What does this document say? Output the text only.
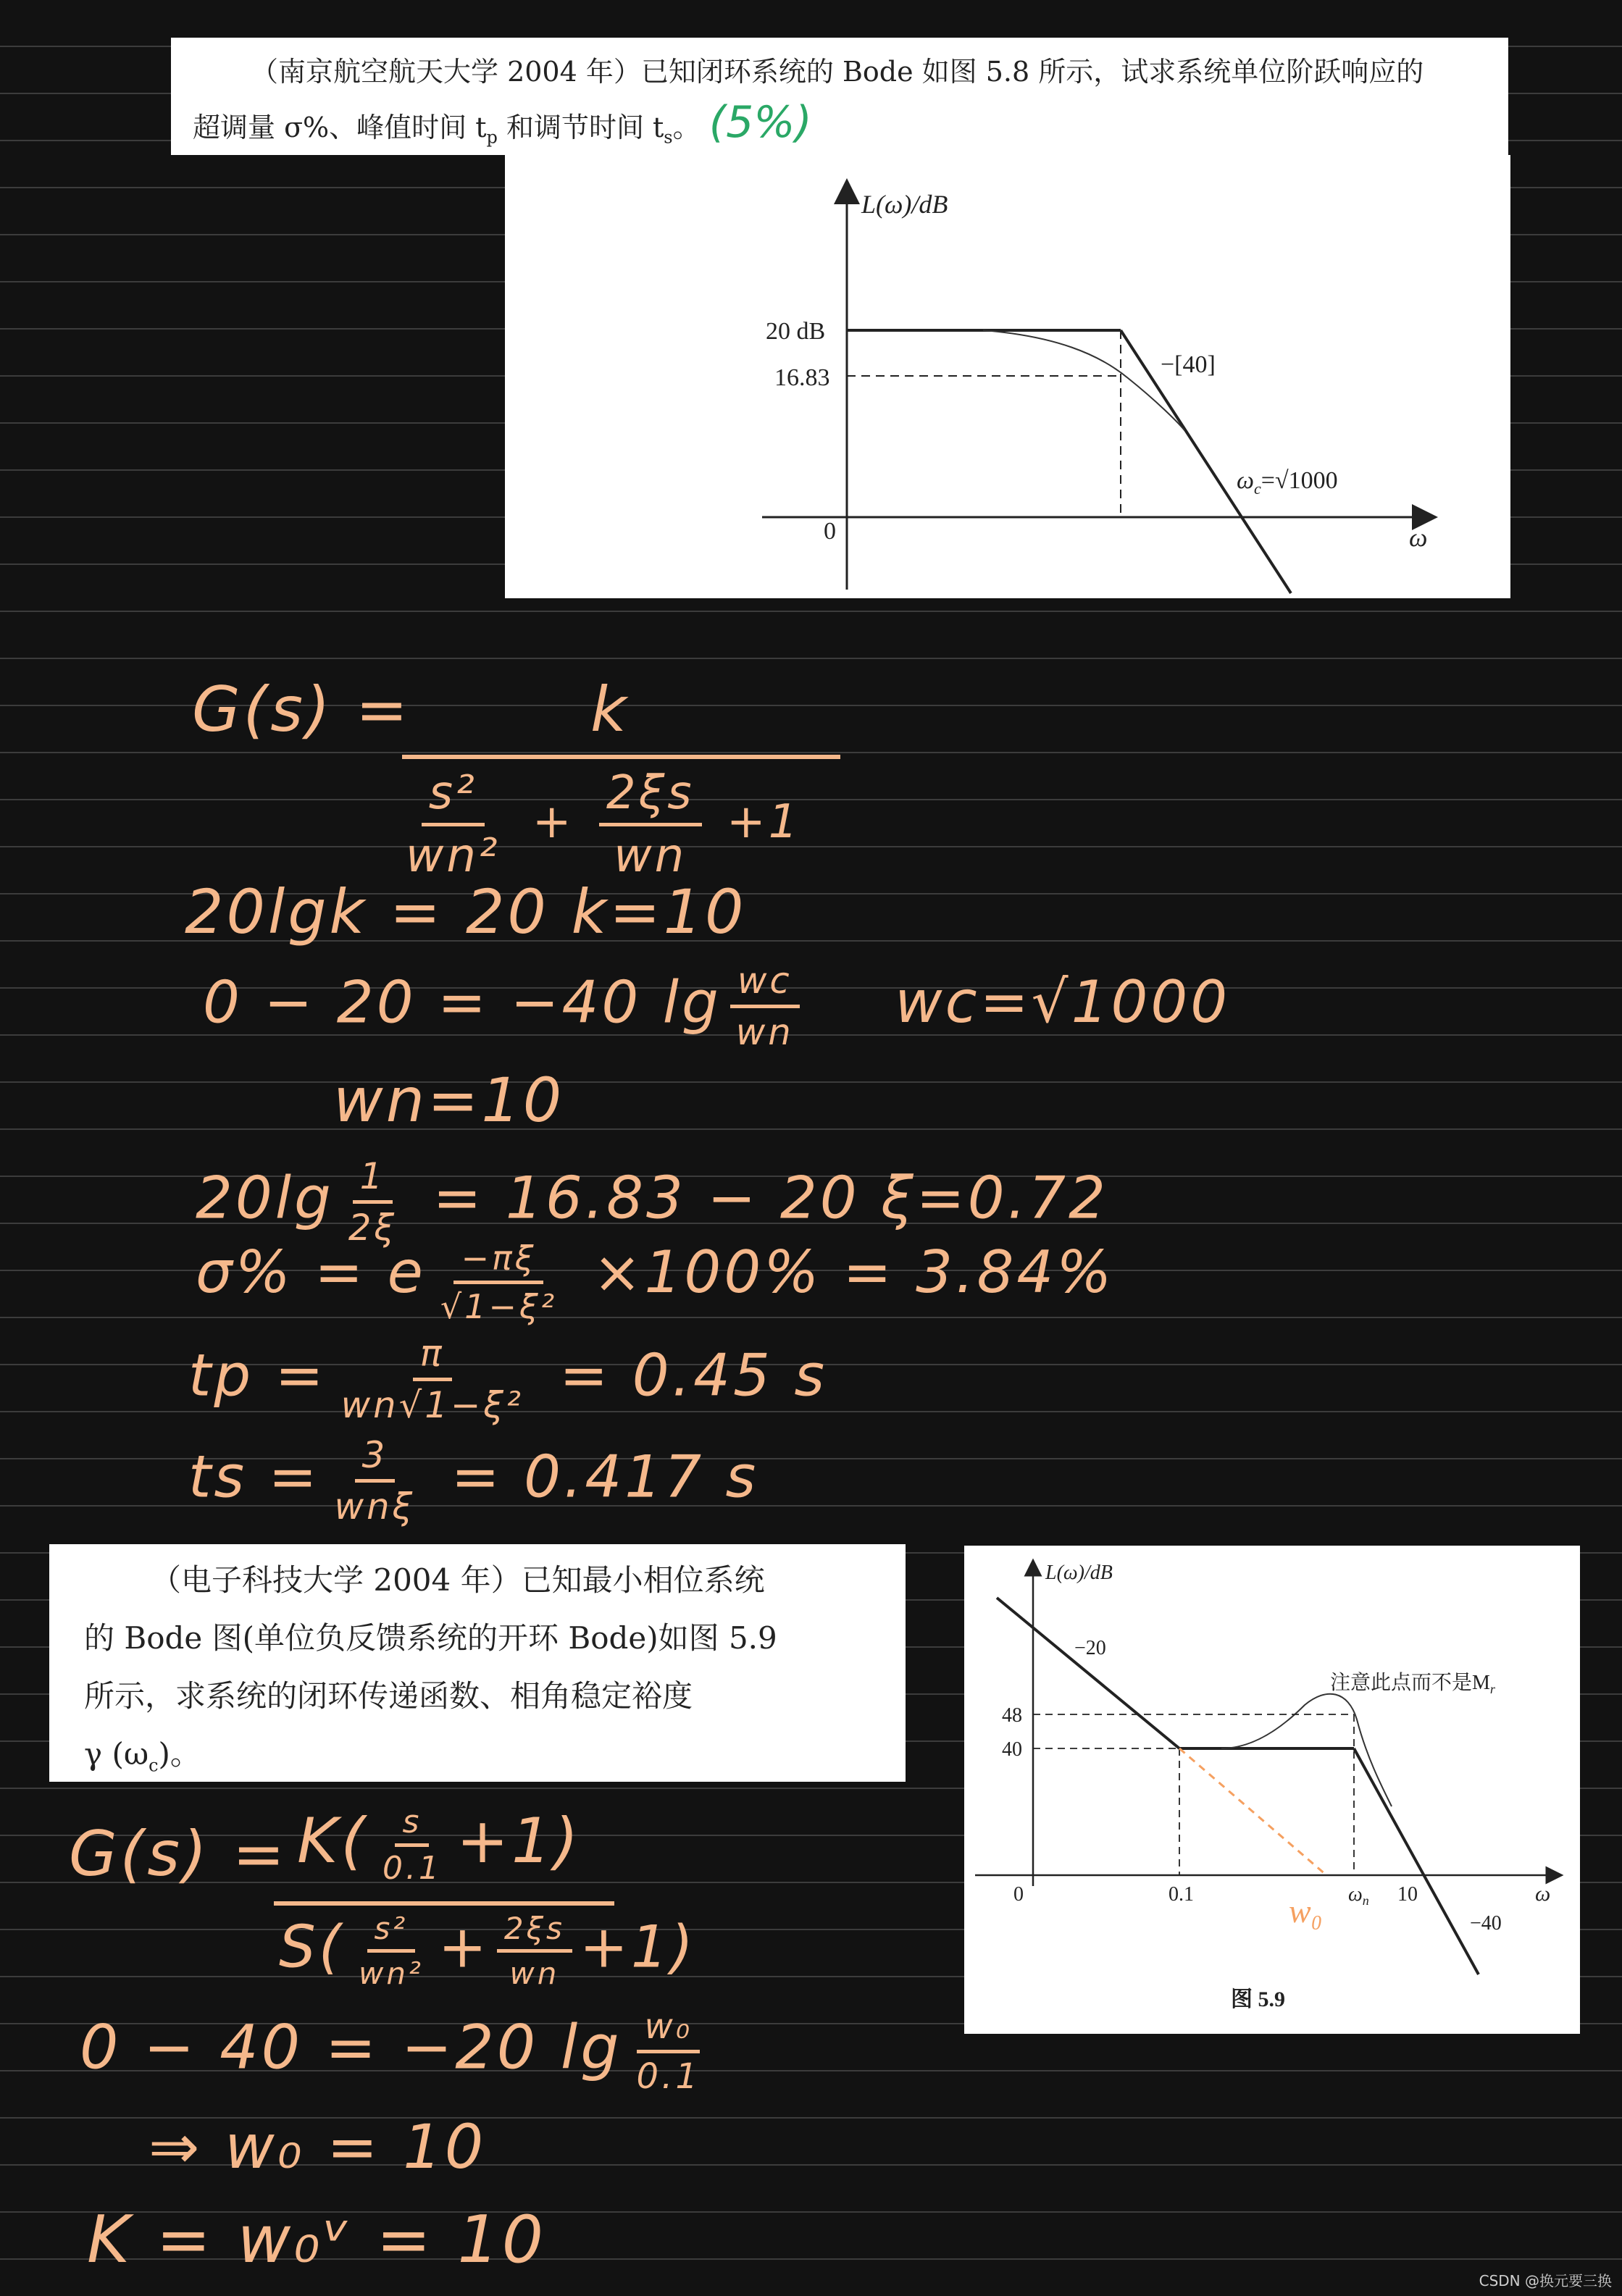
（南京航空航天大学 2004 年）已知闭环系统的 Bode 如图 5.8 所示，试求系统单位阶跃响应的
超调量 σ%、峰值时间 $t_p$ 和调节时间 $t_s$。 (5%)
L(ω)/dB
20 dB
16.83
0
−[40]
$\omega_c=√1000$
ω
G(s) =	k
$\frac{\text{s²}}{\text{wn²}} + \frac{2\xi s}{wn} +1$
20lgk = 20 k=10
0 − 20 = −40 $\lg \frac{wc}{wn} wc=√1000$
wn=10
$20\lg \frac{1}{2\xi} = 16.83 - 20$ ξ=0.72
σ% = e $\frac{-\pi\xi}{\text{√1−ξ²}} \times 100\% = 3.84\%$
tp = $\frac{\pi}{\text{wn√1−ξ²}} = 0.45$ s
ts = $\frac{3}{\text{wnξ}} = 0.417$ s
（电子科技大学 2004 年）已知最小相位系统
的 Bode 图(单位负反馈系统的开环 Bode)如图 5.9
所示，求系统的闭环传递函数、相角稳定裕度
γ $(\omega_c)$。
L(ω)/dB
−20
48
40
0	0.1	$\omega_n$ 10	ω
−40
注意此点而不是$M_r$
w₀
图 5.9
$G(s) = K( \frac{s}{0.1} +1)$
$S( \frac{\text{s²}}{\text{wn²}} + \frac{2\xi s}{wn} +1)$
0 − 40 = −20 $\lg \frac{\text{w₀}}{0.1}$
⇒ w₀ = 10
K = w₀ᵛ = 10
CSDN @换元要三换
